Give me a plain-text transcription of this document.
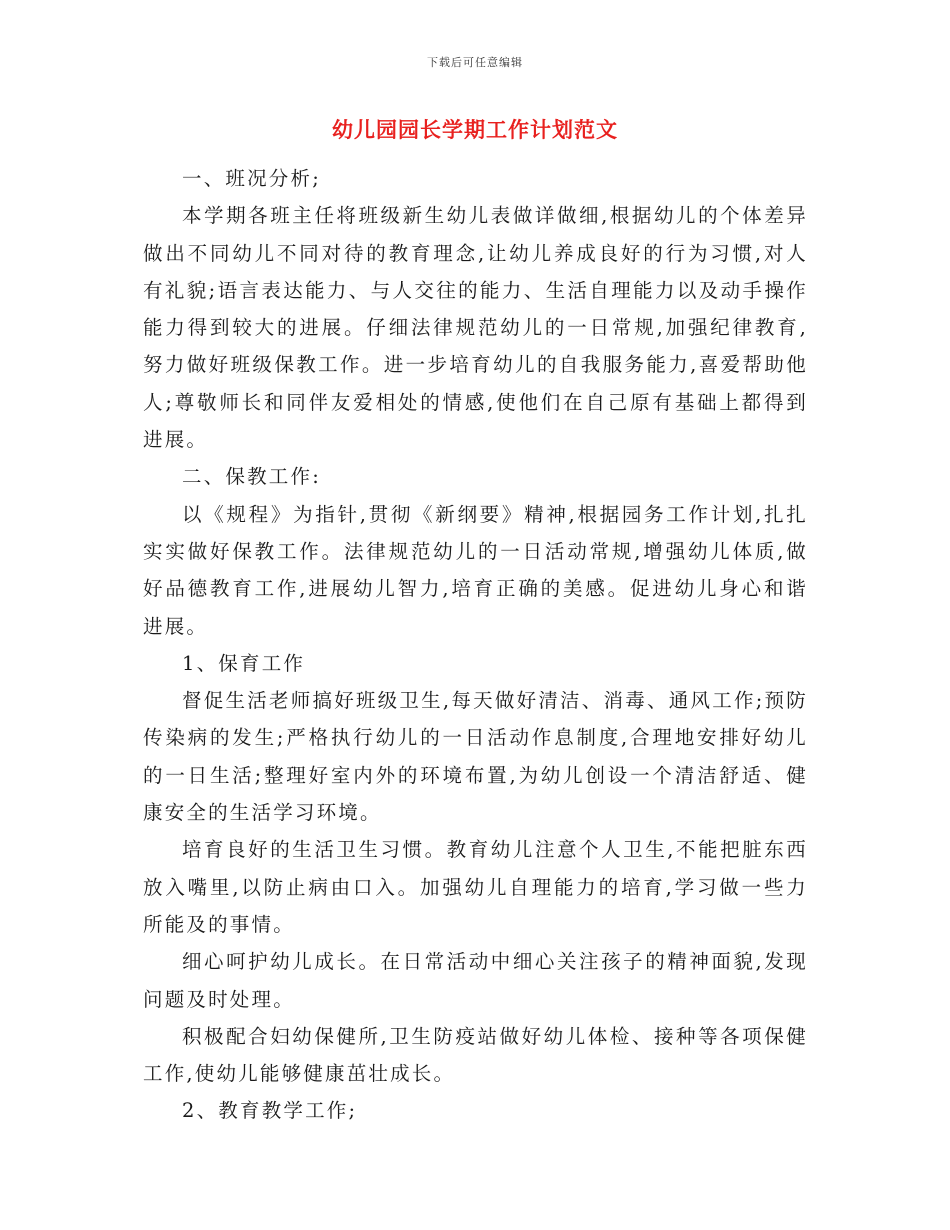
下载后可任意编辑
幼儿园园长学期工作计划范文

一、班况分析;

本学期各班主任将班级新生幼儿表做详做细,根据幼儿的个体差异做出不同幼儿不同对待的教育理念,让幼儿养成良好的行为习惯,对人有礼貌;语言表达能力、与人交往的能力、生活自理能力以及动手操作能力得到较大的进展。仔细法律规范幼儿的一日常规,加强纪律教育,努力做好班级保教工作。进一步培育幼儿的自我服务能力,喜爱帮助他人;尊敬师长和同伴友爱相处的情感,使他们在自己原有基础上都得到进展。

二、保教工作:

以《规程》为指针,贯彻《新纲要》精神,根据园务工作计划,扎扎实实做好保教工作。法律规范幼儿的一日活动常规,增强幼儿体质,做好品德教育工作,进展幼儿智力,培育正确的美感。促进幼儿身心和谐进展。

1、保育工作

督促生活老师搞好班级卫生,每天做好清洁、消毒、通风工作;预防传染病的发生;严格执行幼儿的一日活动作息制度,合理地安排好幼儿的一日生活;整理好室内外的环境布置,为幼儿创设一个清洁舒适、健康安全的生活学习环境。

培育良好的生活卫生习惯。教育幼儿注意个人卫生,不能把脏东西放入嘴里,以防止病由口入。加强幼儿自理能力的培育,学习做一些力所能及的事情。

细心呵护幼儿成长。在日常活动中细心关注孩子的精神面貌,发现问题及时处理。

积极配合妇幼保健所,卫生防疫站做好幼儿体检、接种等各项保健工作,使幼儿能够健康茁壮成长。

2、教育教学工作;
